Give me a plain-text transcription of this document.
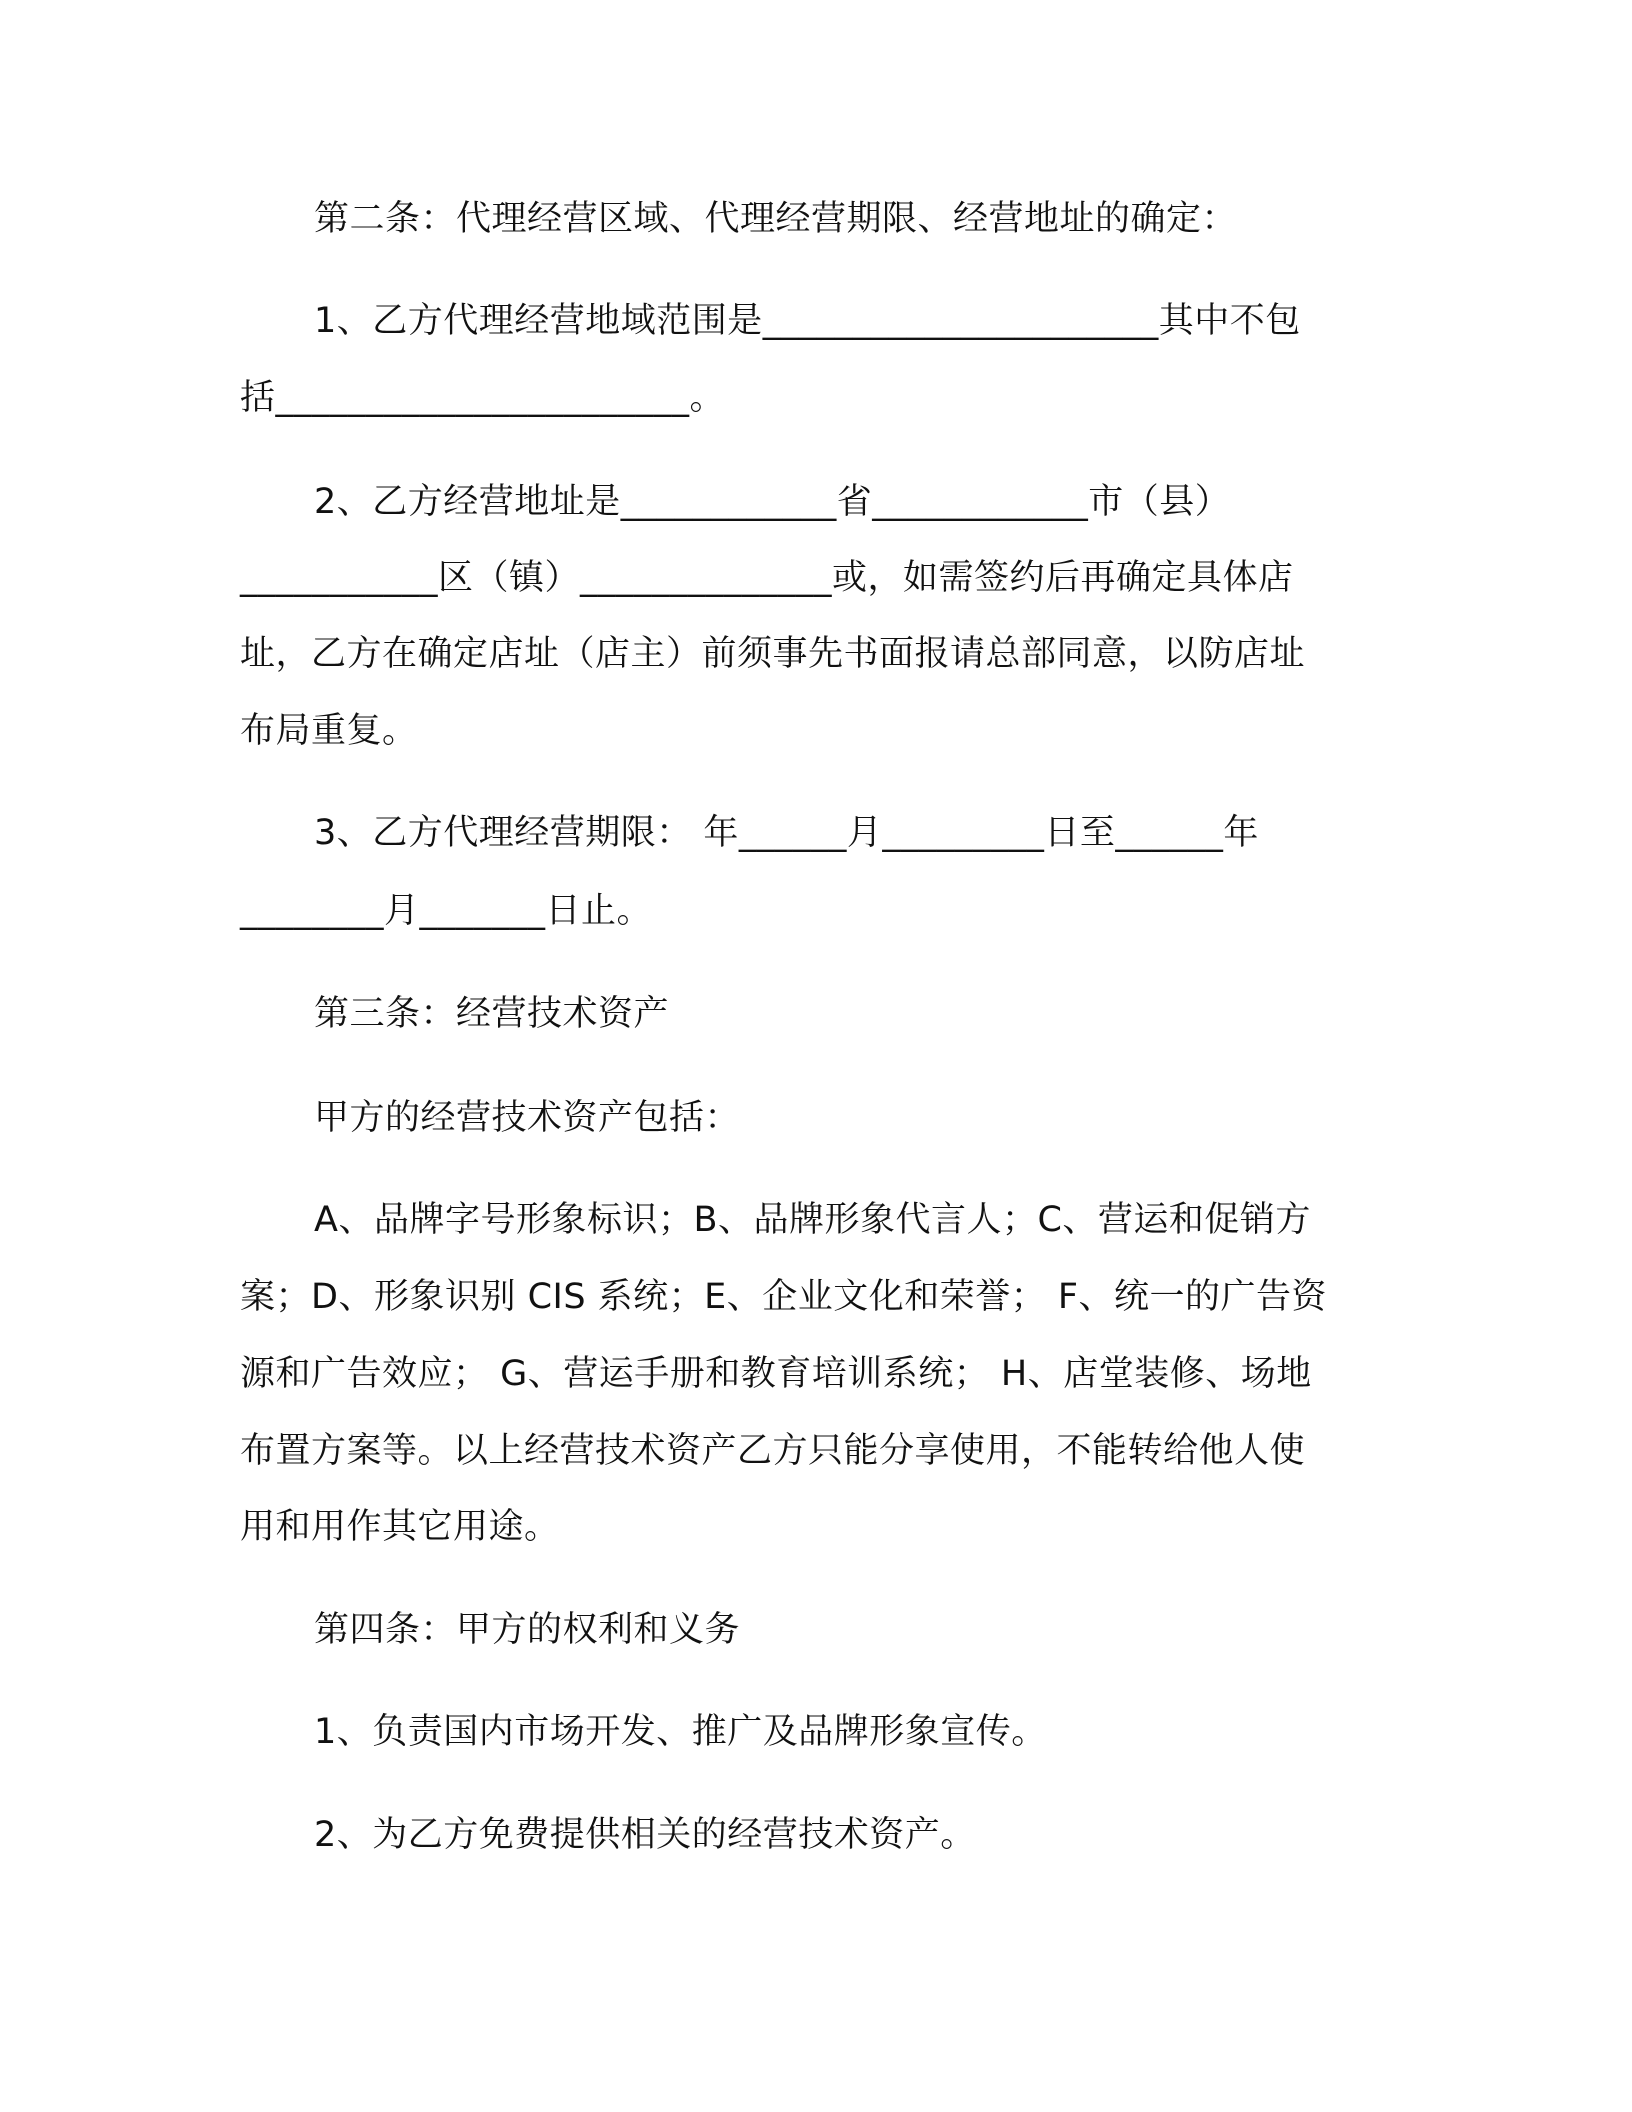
第二条：代理经营区域、代理经营期限、经营地址的确定：
1、乙方代理经营地域范围是______________________其中不包
括_______________________。
2、乙方经营地址是____________省____________市（县）
___________区（镇）______________或，如需签约后再确定具体店
址，乙方在确定店址（店主）前须事先书面报请总部同意，以防店址
布局重复。
3、乙方代理经营期限： 年______月_________日至______年
________月_______日止。
第三条：经营技术资产
甲方的经营技术资产包括：
A、品牌字号形象标识；B、品牌形象代言人；C、营运和促销方
案；D、形象识别 CIS 系统；E、企业文化和荣誉； F、统一的广告资
源和广告效应； G、营运手册和教育培训系统； H、店堂装修、场地
布置方案等。以上经营技术资产乙方只能分享使用，不能转给他人使
用和用作其它用途。
第四条：甲方的权利和义务
1、负责国内市场开发、推广及品牌形象宣传。
2、为乙方免费提供相关的经营技术资产。
